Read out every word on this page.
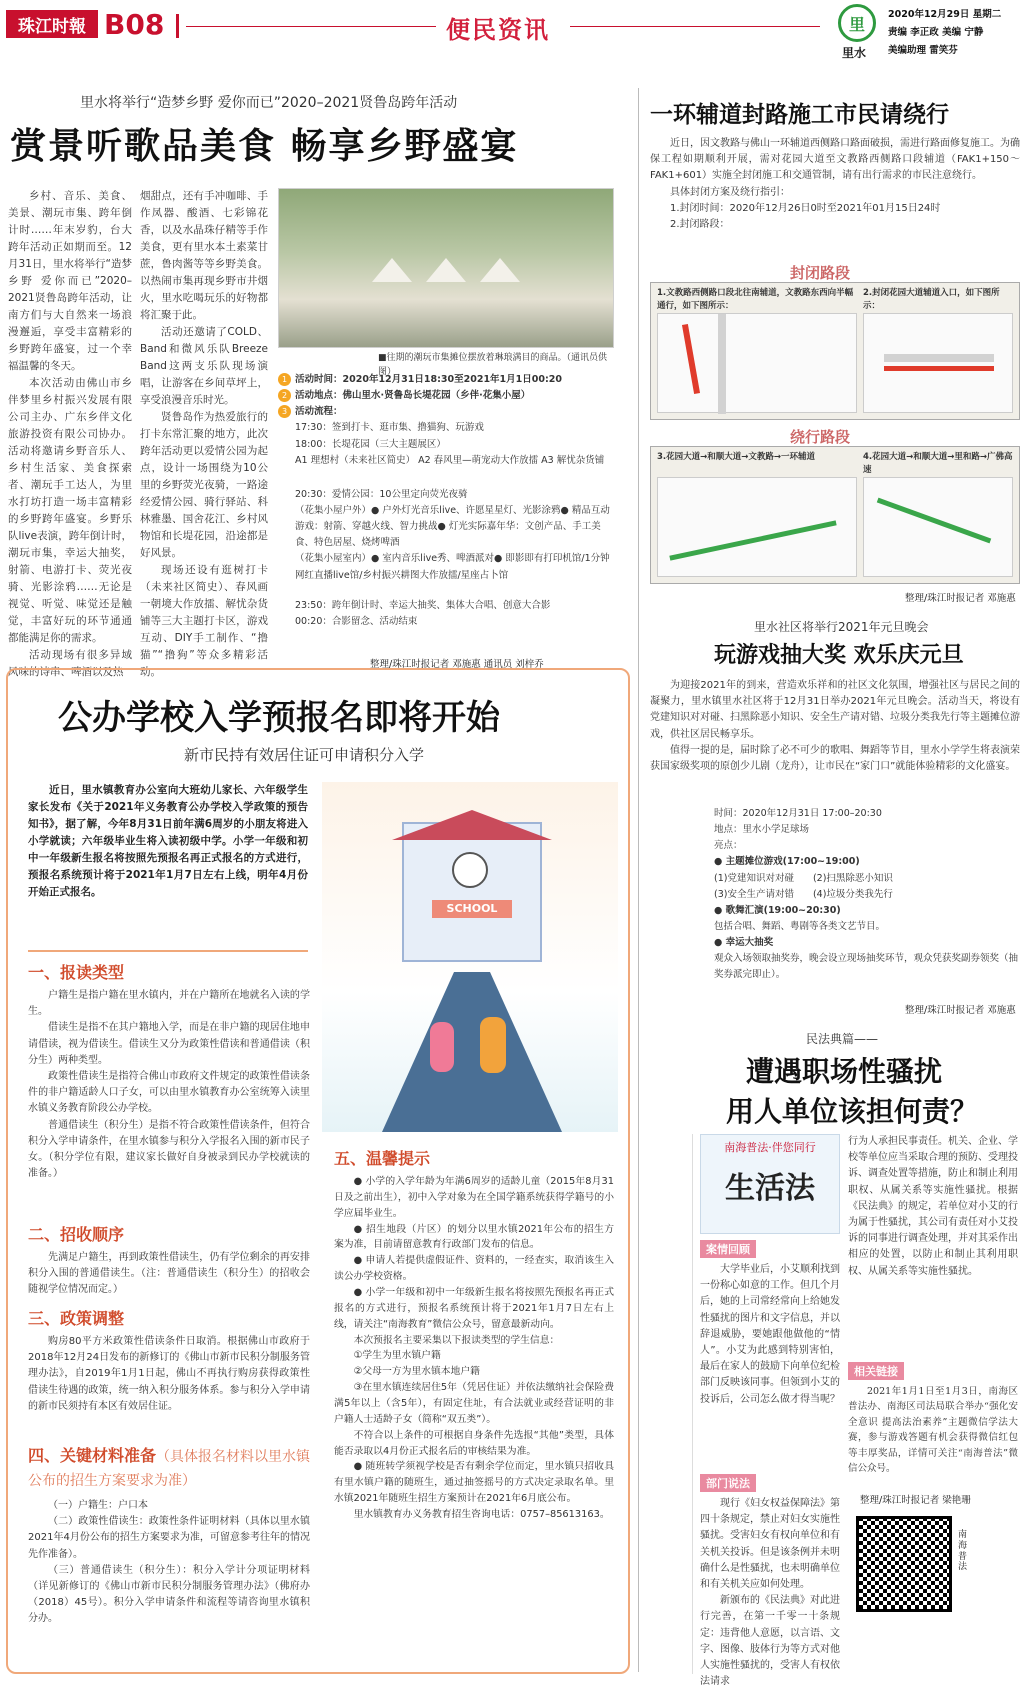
珠江时報 B08	便民资讯	里
里水
2020年12月29日 星期二
责编 李正政 美编 宁静
美编助理 雷笑芬
里水将举行“造梦乡野 爱你而已”2020–2021贤鲁岛跨年活动
赏景听歌品美食 畅享乡野盛宴

乡村、音乐、美食、美景、潮玩市集、跨年倒计时……年末岁豹，台大跨年活动正如期而至。12月31日，里水将举行“造梦乡野 爱你而已”2020–2021贤鲁岛跨年活动，让南方们与大自然来一场浪漫邂逅，享受丰富精彩的乡野跨年盛宴，过一个幸福温馨的冬天。

本次活动由佛山市乡伴梦里乡村振兴发展有限公司主办、广东乡伴文化旅游投资有限公司协办。活动将邀请乡野音乐人、乡村生活家、美食探索者、潮玩手工达人，为里水打坊打造一场丰富精彩的乡野跨年盛宴。乡野乐队live表演，跨年倒计时，潮玩市集，幸运大抽奖，射箭、电游打卡、荧光夜骑、光影涂鸦……无论是视觉、听觉、味觉还是触觉，丰富好玩的环节通通都能满足你的需求。

活动现场有很多异域风味的诗串、啤酒以及热

烟甜点，还有手冲咖啡、手作凤器、酸酒、七彩锦花香，以及水晶珠仔精等手作美食，更有里水本土素菜甘蔗，鲁肉酱等等乡野美食。以热闹市集再现乡野市井烟火，里水吃喝玩乐的好物都将汇聚于此。

活动还邀请了COLD、Band和微风乐队Breeze Band这两支乐队现场演唱，让游客在乡间草坪上，享受浪漫音乐时光。

贤鲁岛作为热爱旅行的打卡东常汇聚的地方，此次跨年活动更以爱情公园为起点，设计一场围绕为10公里的乡野荧光夜骑，一路途经爱情公园、骑行驿站、科林雅墨、国舍花江、乡村风物馆和长堤花园，沿途都是好风景。

现场还设有逛树打卡（未来社区简史）、春风画一朝境大作放擂、解忧杂货铺等三大主题打卡区，游戏互动、DIY手工制作、“撸猫”“撸狗”等众多精彩活动。

■往期的潮玩市集摊位摆放着琳琅满目的商品。（通讯员供图）
1 活动时间：2020年12月31日18:30至2021年1月1日00:20
2 活动地点：佛山里水·贤鲁岛长堤花园（乡伴·花集小屋）
3 活动流程：
17:30：签到打卡、逛市集、撸猫狗、玩游戏
18:00：长堤花园（三大主题展区）
A1 理想村（未来社区简史） A2 春风里—萌宠动大作放擂 A3 解忧杂货铺
20:30：爱情公园：10公里定向荧光夜骑
（花集小屋户外）● 户外灯光音乐live、许愿星星灯、光影涂鸦● 精品互动游戏：射箭、穿越火线、智力挑战● 灯光实际嘉年华：文创产品、手工美食、特色居屋、烧烤啤酒
（花集小屋室内）● 室内音乐live秀、啤酒派对● 即影即有打印机馆/1分钟网红直播live馆/乡村振兴耕图大作放擂/星座占卜馆
23:50：跨年倒计时、幸运大抽奖、集体大合唱、创意大合影
00:20：合影留念、活动结束
整理/珠江时报记者 邓施惠 通讯员 刘梓乔
一环辅道封路施工市民请绕行

近日，因文教路与佛山一环辅道西侧路口路面破损，需进行路面修复施工。为确保工程如期顺利开展，需对花园大道至文教路西侧路口段辅道（FAK1+150～FAK1+601）实施全封闭施工和交通管制，请有出行需求的市民注意绕行。

具体封闭方案及绕行指引：

1.封闭时间：2020年12月26日0时至2021年01月15日24时

2.封闭路段：

封闭路段
1.文教路西侧路口段北往南辅道，文教路东西向半幅通行，如下图所示：
2.封闭花园大道辅道入口，如下图所示：
绕行路段
3.花园大道→和顺大道→文教路→一环辅道	4.花园大道→和顺大道→里和路→广佛高速
整理/珠江时报记者 邓施惠
里水社区将举行2021年元旦晚会
玩游戏抽大奖 欢乐庆元旦

为迎接2021年的到来，营造欢乐祥和的社区文化氛围，增强社区与居民之间的凝聚力，里水镇里水社区将于12月31日举办2021年元旦晚会。活动当天，将设有党建知识对对碰、扫黑除恶小知识、安全生产请对错、垃圾分类我先行等主题摊位游戏，供社区居民畅享乐。

值得一提的是，届时除了必不可少的歌唱、舞蹈等节目，里水小学学生将表演荣获国家级奖项的原创少儿剧（龙舟），让市民在“家门口”就能体验精彩的文化盛宴。

时间：2020年12月31日 17:00–20:30
地点：里水小学足球场
亮点：
● 主题摊位游戏(17:00~19:00)
(1)党建知识对对碰　　(2)扫黑除恶小知识
(3)安全生产请对错　　(4)垃圾分类我先行
● 歌舞汇演(19:00~20:30)
包括合唱、舞蹈、粤剧等各类文艺节目。
● 幸运大抽奖
观众入场领取抽奖券，晚会设立现场抽奖环节，观众凭获奖副券领奖（抽奖券派完即止）。
整理/珠江时报记者 邓施惠
公办学校入学预报名即将开始
新市民持有效居住证可申请积分入学

近日，里水镇教育办公室向大班幼儿家长、六年级学生家长发布《关于2021年义务教育公办学校入学政策的预告知书》，据了解，今年8月31日前年满6周岁的小朋友将进入小学就读；六年级毕业生将入读初级中学。小学一年级和初中一年级新生报名将按照先预报名再正式报名的方式进行，预报名系统预计将于2021年1月7日左右上线，明年4月份开始正式报名。

SCHOOL
一、报读类型

户籍生是指户籍在里水镇内，并在户籍所在地就名入读的学生。

借读生是指不在其户籍地入学，而是在非户籍的现居住地申请借读，视为借读生。借读生又分为政策性借读和普通借读（积分生）两种类型。

政策性借读生是指符合佛山市政府文件规定的政策性借读条件的非户籍适龄人口子女，可以由里水镇教育办公室统筹入读里水镇义务教育阶段公办学校。

普通借读生（积分生）是指不符合政策性借读条件，但符合积分入学申请条件，在里水镇参与积分入学报名入围的新市民子女。（积分学位有限，建议家长做好自身被录到民办学校就读的准备。）

二、招收顺序

先满足户籍生，再到政策性借读生，仍有学位剩余的再安排积分入围的普通借读生。（注：普通借读生（积分生）的招收会随视学位情况而定。）

三、政策调整

购房80平方米政策性借读条件日取消。根据佛山市政府于2018年12月24日发布的新修订的《佛山市新市民积分制服务管理办法》，自2019年1月1日起，佛山不再执行购房获得政策性借读生待遇的政策，统一纳入积分服务体系。参与积分入学申请的新市民须持有本区有效居住证。

四、关键材料准备（具体报名材料以里水镇公布的招生方案要求为准）

（一）户籍生：户口本

（二）政策性借读生：政策性条件证明材料（具体以里水镇2021年4月份公布的招生方案要求为准，可留意参考往年的情况先作准备）。

（三）普通借读生（积分生）：积分入学计分项证明材料（详见新修订的《佛山市新市民积分制服务管理办法》（佛府办（2018）45号）。积分入学申请条件和流程等请咨询里水镇积分办。

五、温馨提示

● 小学的入学年龄为年满6周岁的适龄儿童（2015年8月31日及之前出生），初中入学对象为在全国学籍系统获得学籍号的小学应届毕业生。

● 招生地段（片区）的划分以里水镇2021年公布的招生方案为准，目前请留意教育行政部门发布的信息。

● 申请人若提供虚假证件、资料的，一经查实，取消该生入读公办学校资格。

● 小学一年级和初中一年级新生报名将按照先预报名再正式报名的方式进行，预报名系统预计将于2021年1月7日左右上线，请关注“南海教育”微信公众号，留意最新动向。

本次预报名主要采集以下报读类型的学生信息：

①学生为里水镇户籍

②父母一方为里水镇本地户籍

③在里水镇连续居住5年（凭居住证）并依法缴纳社会保险费满5年以上（含5年），有固定住址，有合法就业或经营证明的非户籍人士适龄子女（简称“双五类”）。

不符合以上条件的可根据自身条件先选报“其他”类型，具体能否录取以4月份正式报名后的审核结果为准。

● 随班转学须视学校是否有剩余学位而定，里水镇只招收具有里水镇户籍的随班生，通过抽签摇号的方式决定录取名单。里水镇2021年随班生招生方案预计在2021年6月底公布。

里水镇教育办义务教育招生咨询电话：0757–85613163。

民法典篇——
遭遇职场性骚扰
用人单位该担何责？
南海普法·伴您同行
生活法

行为人承担民事责任。机关、企业、学校等单位应当采取合理的预防、受理投诉、调查处置等措施，防止和制止利用职权、从属关系等实施性骚扰。根据《民法典》的规定，若单位对小艾的行为属于性骚扰，其公司有责任对小艾投诉的同事进行调查处理，并对其采作出相应的处置，以防止和制止其利用职权、从属关系等实施性骚扰。

案情回顾

大学毕业后，小艾顺利找到一份称心如意的工作。但几个月后，她的上司常经常向上给她发性骚扰的图片和文字信息，并以辞退威胁，要她跟他做他的“情人”。小艾为此感到特别害怕，最后在家人的鼓励下向单位纪检部门反映该同事。但领到小艾的投诉后，公司怎么做才得当呢？

部门说法

现行《妇女权益保障法》第四十条规定，禁止对妇女实施性骚扰。受害妇女有权向单位和有关机关投诉。但是该条例并未明确什么是性骚扰，也未明确单位和有关机关应如何处理。

新颁布的《民法典》对此进行完善，在第一千零一十条规定：违背他人意愿，以言语、文字、图像、肢体行为等方式对他人实施性骚扰的，受害人有权依法请求

相关链接

2021年1月1日至1月3日，南海区普法办、南海区司法局联合举办“强化安全意识 提高法治素养”主题微信学法大赛，参与游戏答题有机会获得微信红包等丰厚奖品，详情可关注“南海普法”微信公众号。

整理/珠江时报记者 梁艳珊
南海普法
